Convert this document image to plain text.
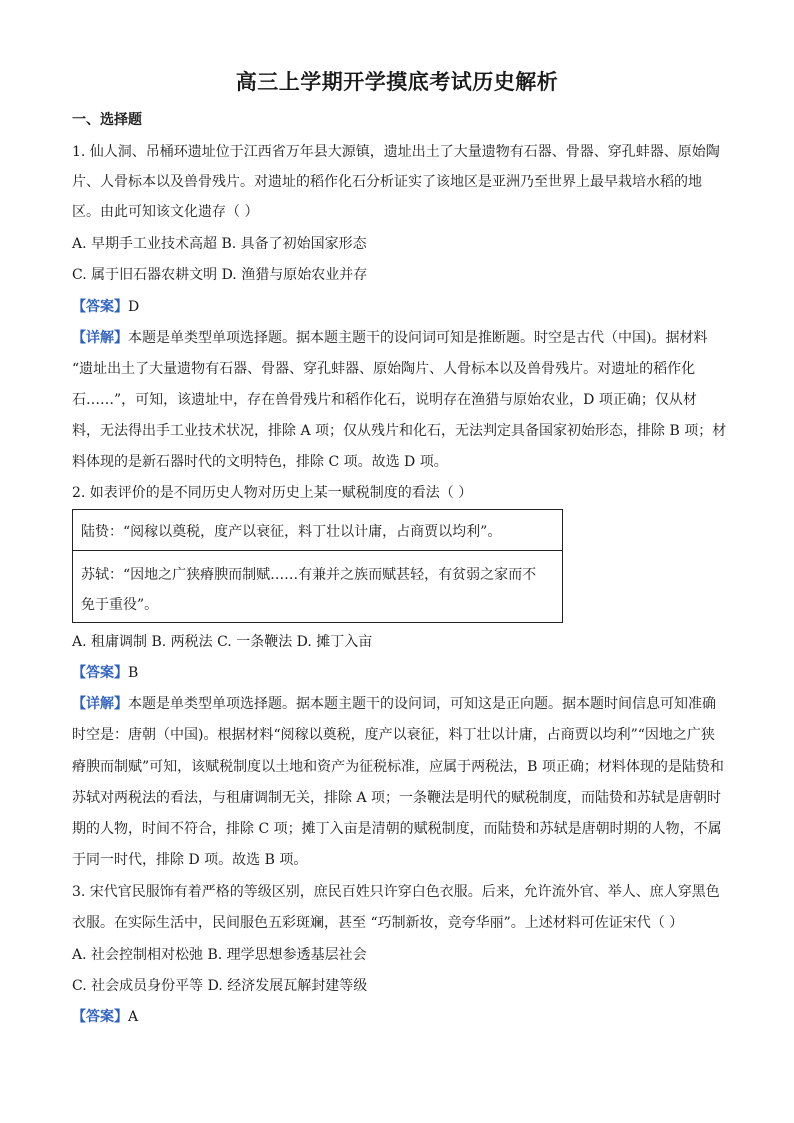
高三上学期开学摸底考试历史解析
一、选择题
1. 仙人洞、吊桶环遗址位于江西省万年县大源镇，遗址出土了大量遗物有石器、骨器、穿孔蚌器、原始陶
片、人骨标本以及兽骨残片。对遗址的稻作化石分析证实了该地区是亚洲乃至世界上最早栽培水稻的地
区。由此可知该文化遗存（ ）
A. 早期手工业技术高超 B. 具备了初始国家形态
C. 属于旧石器农耕文明 D. 渔猎与原始农业并存
【答案】D
【详解】本题是单类型单项选择题。据本题主题干的设问词可知是推断题。时空是古代（中国)。据材料
“遗址出土了大量遗物有石器、骨器、穿孔蚌器、原始陶片、人骨标本以及兽骨残片。对遗址的稻作化
石……”，可知，该遗址中，存在兽骨残片和稻作化石，说明存在渔猎与原始农业，D 项正确；仅从材
料，无法得出手工业技术状况，排除 A 项；仅从残片和化石，无法判定具备国家初始形态，排除 B 项；材
料体现的是新石器时代的文明特色，排除 C 项。故选 D 项。
2. 如表评价的是不同历史人物对历史上某一赋税制度的看法（ ）
陆贽：“阅稼以奠税，度产以衰征，料丁壮以计庸，占商贾以均利”。
苏轼：“因地之广狭瘠腴而制赋……有兼并之族而赋甚轻，有贫弱之家而不
免于重役”。
A. 租庸调制 B. 两税法 C. 一条鞭法 D. 摊丁入亩
【答案】B
【详解】本题是单类型单项选择题。据本题主题干的设问词，可知这是正向题。据本题时间信息可知准确
时空是：唐朝（中国)。根据材料“阅稼以奠税，度产以衰征，料丁壮以计庸，占商贾以均利”“因地之广狭
瘠腴而制赋”可知，该赋税制度以土地和资产为征税标准，应属于两税法，B 项正确；材料体现的是陆贽和
苏轼对两税法的看法，与租庸调制无关，排除 A 项；一条鞭法是明代的赋税制度，而陆贽和苏轼是唐朝时
期的人物，时间不符合，排除 C 项；摊丁入亩是清朝的赋税制度，而陆贽和苏轼是唐朝时期的人物，不属
于同一时代，排除 D 项。故选 B 项。
3. 宋代官民服饰有着严格的等级区别，庶民百姓只许穿白色衣服。后来，允许流外官、举人、庶人穿黑色
衣服。在实际生活中，民间服色五彩斑斓，甚至 “巧制新妆，竞夸华丽”。上述材料可佐证宋代（ ）
A. 社会控制相对松弛 B. 理学思想参透基层社会
C. 社会成员身份平等 D. 经济发展瓦解封建等级
【答案】A
